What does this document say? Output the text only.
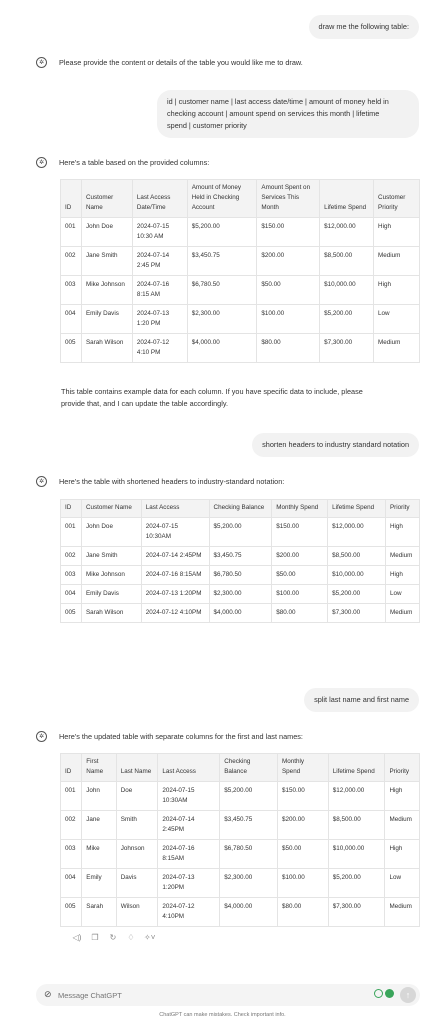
draw me the following table:
✲	Please provide the content or details of the table you would like me to draw.
id | customer name | last access date/time | amount of money held in
checking account | amount spend on services this month | lifetime
spend | customer priority
✲	Here's a table based on the provided columns:
ID	Customer Name	Last Access Date/Time	Amount of Money Held in Checking Account	Amount Spent on Services This Month	Lifetime Spend	Customer Priority
001	John Doe	2024-07-15 10:30 AM	$5,200.00	$150.00	$12,000.00	High
002	Jane Smith	2024-07-14 2:45 PM	$3,450.75	$200.00	$8,500.00	Medium
003	Mike Johnson	2024-07-16 8:15 AM	$6,780.50	$50.00	$10,000.00	High
004	Emily Davis	2024-07-13 1:20 PM	$2,300.00	$100.00	$5,200.00	Low
005	Sarah Wilson	2024-07-12 4:10 PM	$4,000.00	$80.00	$7,300.00	Medium
This table contains example data for each column. If you have specific data to include, please
provide that, and I can update the table accordingly.
shorten headers to industry standard notation
✲	Here's the table with shortened headers to industry-standard notation:
ID	Customer Name	Last Access	Checking Balance	Monthly Spend	Lifetime Spend	Priority
001	John Doe	2024-07-15 10:30AM	$5,200.00	$150.00	$12,000.00	High
002	Jane Smith	2024-07-14 2:45PM	$3,450.75	$200.00	$8,500.00	Medium
003	Mike Johnson	2024-07-16 8:15AM	$6,780.50	$50.00	$10,000.00	High
004	Emily Davis	2024-07-13 1:20PM	$2,300.00	$100.00	$5,200.00	Low
005	Sarah Wilson	2024-07-12 4:10PM	$4,000.00	$80.00	$7,300.00	Medium
split last name and first name
✲	Here's the updated table with separate columns for the first and last names:
ID	First Name	Last Name	Last Access	Checking Balance	Monthly Spend	Lifetime Spend	Priority
001	John	Doe	2024-07-15 10:30AM	$5,200.00	$150.00	$12,000.00	High
002	Jane	Smith	2024-07-14 2:45PM	$3,450.75	$200.00	$8,500.00	Medium
003	Mike	Johnson	2024-07-16 8:15AM	$6,780.50	$50.00	$10,000.00	High
004	Emily	Davis	2024-07-13 1:20PM	$2,300.00	$100.00	$5,200.00	Low
005	Sarah	Wilson	2024-07-12 4:10PM	$4,000.00	$80.00	$7,300.00	Medium
◁) ❐ ↻ ♢ ✧˅
⊘
Message ChatGPT	↑
ChatGPT can make mistakes. Check important info.
